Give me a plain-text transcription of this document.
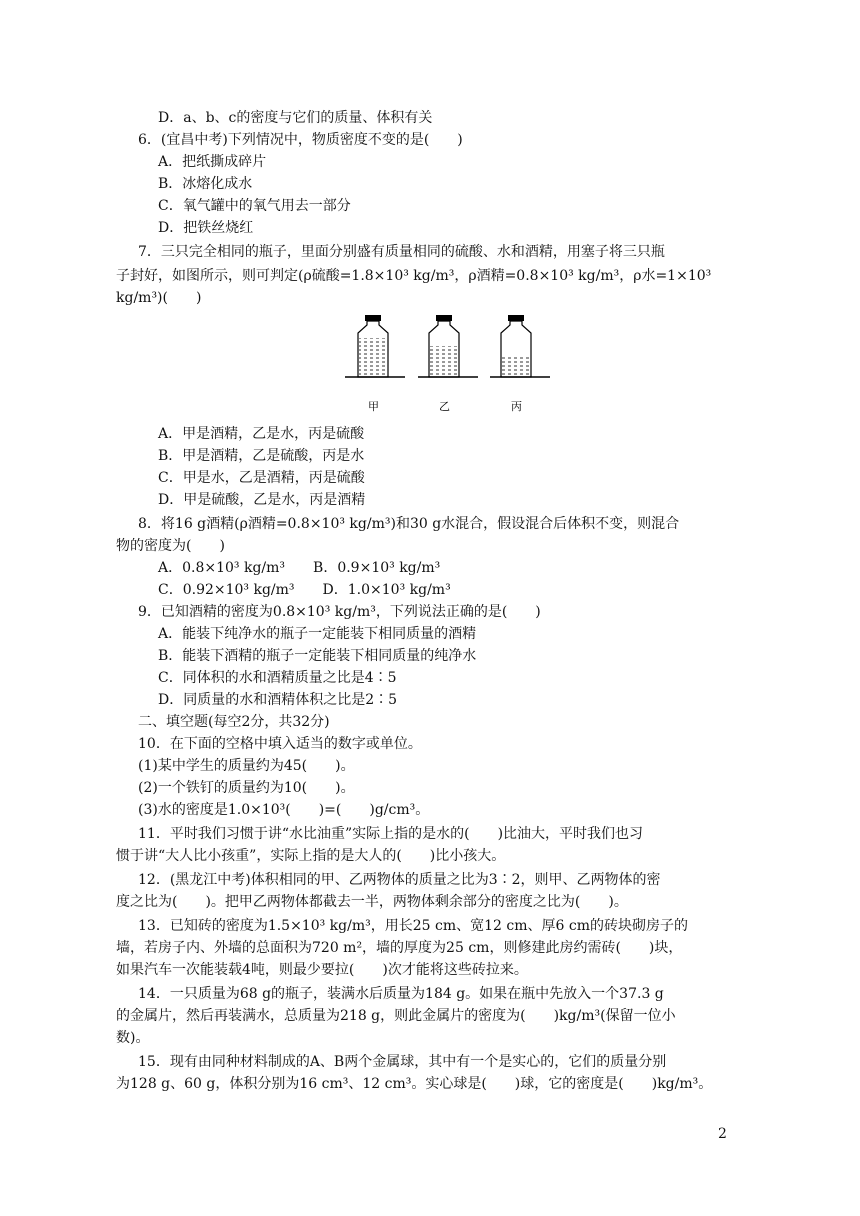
D．a、b、c的密度与它们的质量、体积有关
6．(宜昌中考)下列情况中，物质密度不变的是(　　)
A．把纸撕成碎片
B．冰熔化成水
C．氧气罐中的氧气用去一部分
D．把铁丝烧红
7．三只完全相同的瓶子，里面分别盛有质量相同的硫酸、水和酒精，用塞子将三只瓶
子封好，如图所示，则可判定(ρ硫酸=1.8×10³ kg/m³，ρ酒精=0.8×10³ kg/m³，ρ水=1×10³
kg/m³)(　　)
A．甲是酒精，乙是水，丙是硫酸
B．甲是酒精，乙是硫酸，丙是水
C．甲是水，乙是酒精，丙是硫酸
D．甲是硫酸，乙是水，丙是酒精
8．将16 g酒精(ρ酒精=0.8×10³ kg/m³)和30 g水混合，假设混合后体积不变，则混合
物的密度为(　　)
A．0.8×10³ kg/m³　　B．0.9×10³ kg/m³
C．0.92×10³ kg/m³　　D．1.0×10³ kg/m³
9．已知酒精的密度为0.8×10³ kg/m³，下列说法正确的是(　　)
A．能装下纯净水的瓶子一定能装下相同质量的酒精
B．能装下酒精的瓶子一定能装下相同质量的纯净水
C．同体积的水和酒精质量之比是4∶5
D．同质量的水和酒精体积之比是2∶5
二、填空题(每空2分，共32分)
10．在下面的空格中填入适当的数字或单位。
(1)某中学生的质量约为45(　　)。
(2)一个铁钉的质量约为10(　　)。
(3)水的密度是1.0×10³(　　)=(　　)g/cm³。
11．平时我们习惯于讲“水比油重”实际上指的是水的(　　)比油大，平时我们也习
惯于讲“大人比小孩重”，实际上指的是大人的(　　)比小孩大。
12．(黑龙江中考)体积相同的甲、乙两物体的质量之比为3∶2，则甲、乙两物体的密
度之比为(　　)。把甲乙两物体都截去一半，两物体剩余部分的密度之比为(　　)。
13．已知砖的密度为1.5×10³ kg/m³，用长25 cm、宽12 cm、厚6 cm的砖块砌房子的
墙，若房子内、外墙的总面积为720 m²，墙的厚度为25 cm，则修建此房约需砖(　　)块，
如果汽车一次能装载4吨，则最少要拉(　　)次才能将这些砖拉来。
14．一只质量为68 g的瓶子，装满水后质量为184 g。如果在瓶中先放入一个37.3 g
的金属片，然后再装满水，总质量为218 g，则此金属片的密度为(　　)kg/m³(保留一位小
数)。
15．现有由同种材料制成的A、B两个金属球，其中有一个是实心的，它们的质量分别
为128 g、60 g，体积分别为16 cm³、12 cm³。实心球是(　　)球，它的密度是(　　)kg/m³。
甲	乙	丙
2
